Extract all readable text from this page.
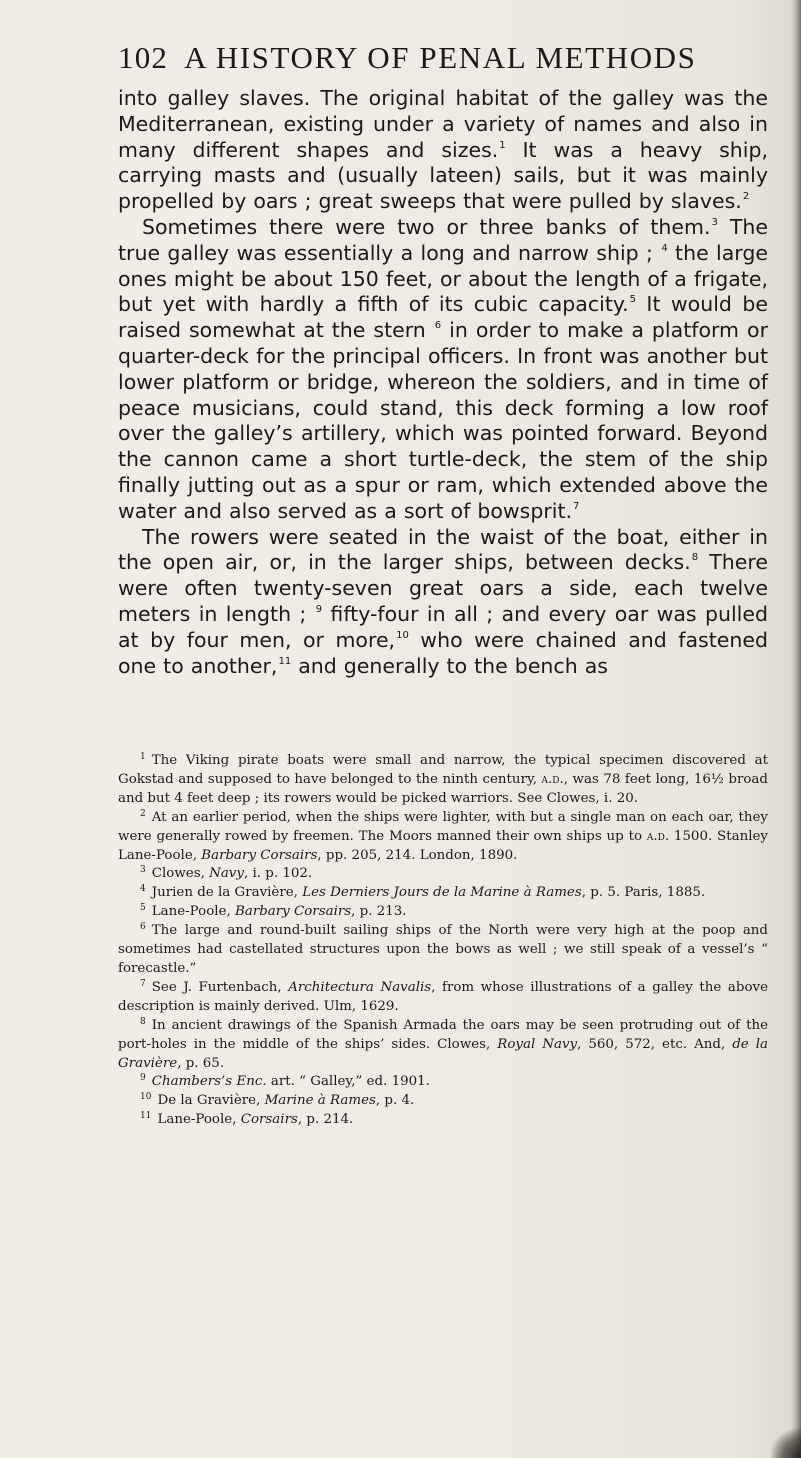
102 A HISTORY OF PENAL METHODS

into galley slaves. The original habitat of the galley was the Mediterranean, existing under a variety of names and also in many different shapes and sizes.$^1$ It was a heavy ship, carrying masts and (usually lateen) sails, but it was mainly propelled by oars ; great sweeps that were pulled by slaves.$^2$

Sometimes there were two or three banks of them.$^3$ The true galley was essentially a long and narrow ship ; $^4$ the large ones might be about 150 feet, or about the length of a frigate, but yet with hardly a fifth of its cubic capacity.$^5$ It would be raised somewhat at the stern $^6$ in order to make a platform or quarter-deck for the principal officers. In front was another but lower platform or bridge, whereon the soldiers, and in time of peace musicians, could stand, this deck forming a low roof over the galley’s artillery, which was pointed forward. Beyond the cannon came a short turtle-deck, the stem of the ship finally jutting out as a spur or ram, which extended above the water and also served as a sort of bowsprit.$^7$

The rowers were seated in the waist of the boat, either in the open air, or, in the larger ships, between decks.$^8$ There were often twenty-seven great oars a side, each twelve meters in length ; $^9$ fifty-four in all ; and every oar was pulled at by four men, or more,$^{10}$ who were chained and fastened one to another,$^{11}$ and generally to the bench as

$^1$ The Viking pirate boats were small and narrow, the typical specimen discovered at Gokstad and supposed to have belonged to the ninth century, a.d., was 78 feet long, 16½ broad and but 4 feet deep ; its rowers would be picked warriors. See Clowes, i. 20.

$^2$ At an earlier period, when the ships were lighter, with but a single man on each oar, they were generally rowed by freemen. The Moors manned their own ships up to a.d. 1500. Stanley Lane-Poole, Barbary Corsairs, pp. 205, 214. London, 1890.

$^3$ Clowes, Navy, i. p. 102.

$^4$ Jurien de la Gravière, Les Derniers Jours de la Marine à Rames, p. 5. Paris, 1885.

$^5$ Lane-Poole, Barbary Corsairs, p. 213.

$^6$ The large and round-built sailing ships of the North were very high at the poop and sometimes had castellated structures upon the bows as well ; we still speak of a vessel’s “ forecastle.”

$^7$ See J. Furtenbach, Architectura Navalis, from whose illustrations of a galley the above description is mainly derived. Ulm, 1629.

$^8$ In ancient drawings of the Spanish Armada the oars may be seen protruding out of the port-holes in the middle of the ships’ sides. Clowes, Royal Navy, 560, 572, etc. And, de la Gravière, p. 65.

$^9$ Chambers’s Enc. art. “ Galley,” ed. 1901.

$^{10}$ De la Gravière, Marine à Rames, p. 4.

$^{11}$ Lane-Poole, Corsairs, p. 214.
